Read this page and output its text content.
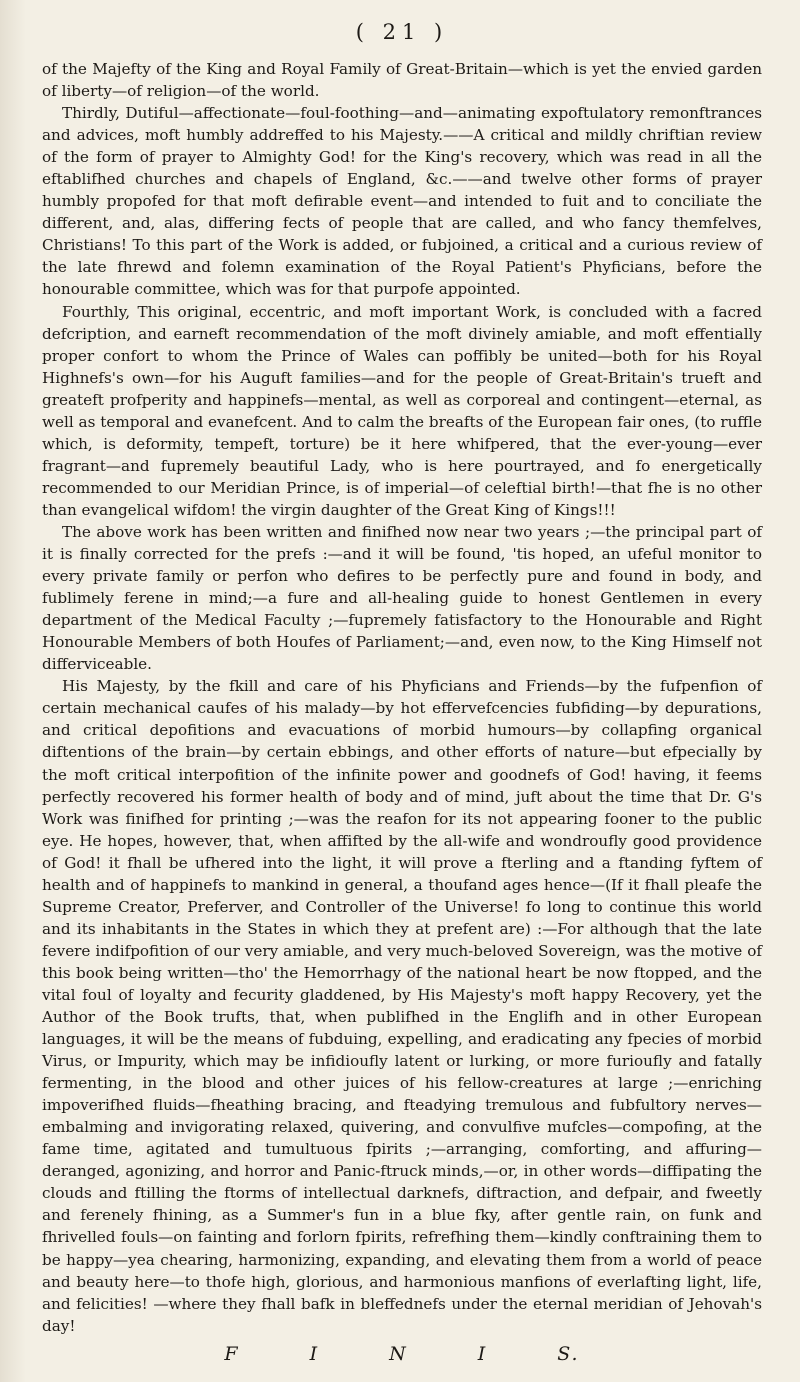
( 21 )

of the Majefty of the King and Royal Family of Great-Britain—which is yet the envied garden of liberty—of religion—of the world.

Thirdly, Dutiful—affectionate—foul-foothing—and—animating expoftulatory remonftrances and advices, moft humbly addreffed to his Majesty.——A critical and mildly chriftian review of the form of prayer to Almighty God! for the King's recovery, which was read in all the eftablifhed churches and chapels of England, &c.——and twelve other forms of prayer humbly propofed for that moft defirable event—and intended to fuit and to conciliate the different, and, alas, differing fects of people that are called, and who fancy themfelves, Christians! To this part of the Work is added, or fubjoined, a critical and a curious review of the late fhrewd and folemn examination of the Royal Patient's Phyficians, before the honourable committee, which was for that purpofe appointed.

Fourthly, This original, eccentric, and moft important Work, is concluded with a facred defcription, and earneft recommendation of the moft divinely amiable, and moft effentially proper confort to whom the Prince of Wales can poffibly be united—both for his Royal Highnefs's own—for his Auguft families—and for the people of Great-Britain's trueft and greateft profperity and happinefs—mental, as well as corporeal and contingent—eternal, as well as temporal and evanefcent. And to calm the breafts of the European fair ones, (to ruffle which, is deformity, tempeft, torture) be it here whifpered, that the ever-young—ever fragrant—and fupremely beautiful Lady, who is here pourtrayed, and fo energetically recommended to our Meridian Prince, is of imperial—of celeftial birth!—that fhe is no other than evangelical wifdom! the virgin daughter of the Great King of Kings!!!

The above work has been written and finifhed now near two years ;—the principal part of it is finally corrected for the prefs :—and it will be found, 'tis hoped, an ufeful monitor to every private family or perfon who defires to be perfectly pure and found in body, and fublimely ferene in mind;—a fure and all-healing guide to honest Gentlemen in every department of the Medical Faculty ;—fupremely fatisfactory to the Honourable and Right Honourable Members of both Houfes of Parliament;—and, even now, to the King Himself not differviceable.

His Majesty, by the fkill and care of his Phyficians and Friends—by the fufpenfion of certain mechanical caufes of his malady—by hot effervefcencies fubfiding—by depurations, and critical depofitions and evacuations of morbid humours—by collapfing organical diftentions of the brain—by certain ebbings, and other efforts of nature—but efpecially by the moft critical interpofition of the infinite power and goodnefs of God! having, it feems perfectly recovered his former health of body and of mind, juft about the time that Dr. G's Work was finifhed for printing ;—was the reafon for its not appearing fooner to the public eye. He hopes, however, that, when affifted by the all-wife and wondroufly good providence of God! it fhall be ufhered into the light, it will prove a fterling and a ftanding fyftem of health and of happinefs to mankind in general, a thoufand ages hence—(If it fhall pleafe the Supreme Creator, Preferver, and Controller of the Universe! fo long to continue this world and its inhabitants in the States in which they at prefent are) :—For although that the late fevere indifpofition of our very amiable, and very much-beloved Sovereign, was the motive of this book being written—tho' the Hemorrhagy of the national heart be now ftopped, and the vital foul of loyalty and fecurity gladdened, by His Majesty's moft happy Recovery, yet the Author of the Book trufts, that, when publifhed in the Englifh and in other European languages, it will be the means of fubduing, expelling, and eradicating any fpecies of morbid Virus, or Impurity, which may be infidioufly latent or lurking, or more furioufly and fatally fermenting, in the blood and other juices of his fellow-creatures at large ;—enriching impoverifhed fluids—fheathing bracing, and fteadying tremulous and fubfultory nerves—embalming and invigorating relaxed, quivering, and convulfive mufcles—compofing, at the fame time, agitated and tumultuous fpirits ;—arranging, comforting, and affuring—deranged, agonizing, and horror and Panic-ftruck minds,—or, in other words—diffipating the clouds and ftilling the ftorms of intellectual darknefs, diftraction, and defpair, and fweetly and ferenely fhining, as a Summer's fun in a blue fky, after gentle rain, on funk and fhrivelled fouls—on fainting and forlorn fpirits, refrefhing them—kindly conftraining them to be happy—yea chearing, harmonizing, expanding, and elevating them from a world of peace and beauty here—to thofe high, glorious, and harmonious manfions of everlafting light, life, and felicities! —where they fhall bafk in bleffednefs under the eternal meridian of Jehovah's day!

F	I	N	I	S.
